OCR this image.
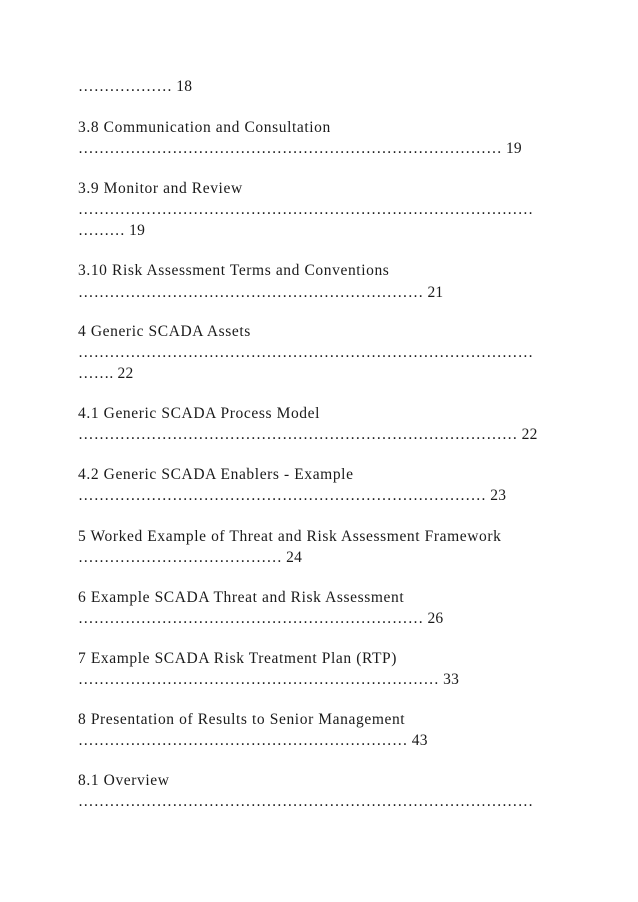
……………… 18
3.8 Communication and Consultation
……………………………………………………………………… 19
3.9 Monitor and Review
……………………………………………………………………………
……… 19
3.10 Risk Assessment Terms and Conventions
………………………………………………………… 21
4 Generic SCADA Assets
……………………………………………………………………………
……. 22
4.1 Generic SCADA Process Model
………………………………………………………………………… 22
4.2 Generic SCADA Enablers - Example
…………………………………………………………………… 23
5 Worked Example of Threat and Risk Assessment Framework
………………………………… 24
6 Example SCADA Threat and Risk Assessment
………………………………………………………… 26
7 Example SCADA Risk Treatment Plan (RTP)
…………………………………………………………… 33
8 Presentation of Results to Senior Management
……………………………………………………… 43
8.1 Overview
……………………………………………………………………………
